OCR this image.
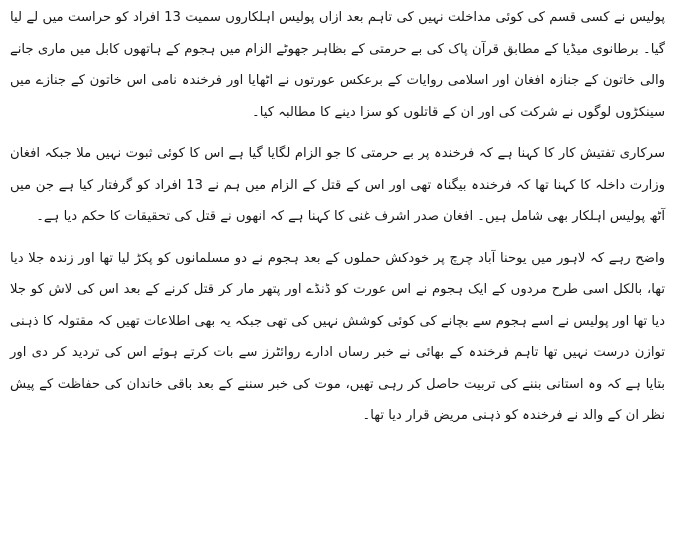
پولیس نے کسی قسم کی کوئی مداخلت نہیں کی تاہم بعد ازاں پولیس اہلکاروں سمیت 13 افراد کو حراست میں لے لیا گیا۔ برطانوی میڈیا کے مطابق قرآن پاک کی بے حرمتی کے بظاہر جھوٹے الزام میں ہجوم کے ہاتھوں کابل میں ماری جانے والی خاتون کے جنازہ افغان اور اسلامی روایات کے برعکس عورتوں نے اٹھایا اور فرخندہ نامی اس خاتون کے جنازے میں سینکڑوں لوگوں نے شرکت کی اور ان کے قاتلوں کو سزا دینے کا مطالبہ کیا۔

سرکاری تفتیش کار کا کہنا ہے کہ فرخندہ پر بے حرمتی کا جو الزام لگایا گیا ہے اس کا کوئی ثبوت نہیں ملا جبکہ افغان وزارت داخلہ کا کہنا تھا کہ فرخندہ بیگناہ تھی اور اس کے قتل کے الزام میں ہم نے 13 افراد کو گرفتار کیا ہے جن میں آٹھ پولیس اہلکار بھی شامل ہیں۔ افغان صدر اشرف غنی کا کہنا ہے کہ انھوں نے قتل کی تحقیقات کا حکم دیا ہے۔

واضح رہے کہ لاہور میں یوحنا آباد چرچ پر خودکش حملوں کے بعد ہجوم نے دو مسلمانوں کو پکڑ لیا تھا اور زندہ جلا دیا تھا، بالکل اسی طرح مردوں کے ایک ہجوم نے اس عورت کو ڈنڈے اور پتھر مار کر قتل کرنے کے بعد اس کی لاش کو جلا دیا تھا اور پولیس نے اسے ہجوم سے بچانے کی کوئی کوشش نہیں کی تھی جبکہ یہ بھی اطلاعات تھیں کہ مقتولہ کا ذہنی توازن درست نہیں تھا تاہم فرخندہ کے بھائی نے خبر رساں ادارے روائٹرز سے بات کرتے ہوئے اس کی تردید کر دی اور بتایا ہے کہ وہ استانی بننے کی تربیت حاصل کر رہی تھیں، موت کی خبر سننے کے بعد باقی خاندان کی حفاظت کے پیش نظر ان کے والد نے فرخندہ کو ذہنی مریض قرار دیا تھا۔
